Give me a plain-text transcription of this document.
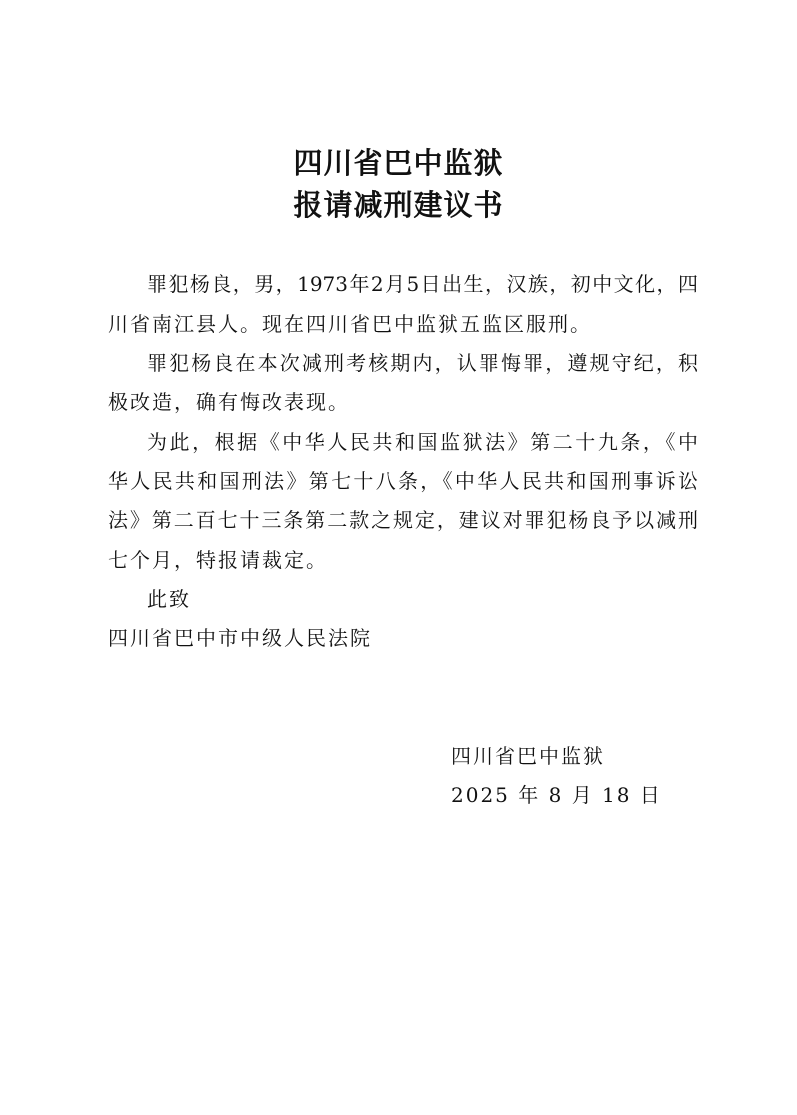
四川省巴中监狱
报请减刑建议书

罪犯杨良，男，1973年2月5日出生，汉族，初中文化，四

川省南江县人。现在四川省巴中监狱五监区服刑。

罪犯杨良在本次减刑考核期内，认罪悔罪，遵规守纪，积

极改造，确有悔改表现。

为此，根据《中华人民共和国监狱法》第二十九条，《中

华人民共和国刑法》第七十八条，《中华人民共和国刑事诉讼

法》第二百七十三条第二款之规定，建议对罪犯杨良予以减刑

七个月，特报请裁定。

此致

四川省巴中市中级人民法院

四川省巴中监狱
2025 年 8 月 18 日
